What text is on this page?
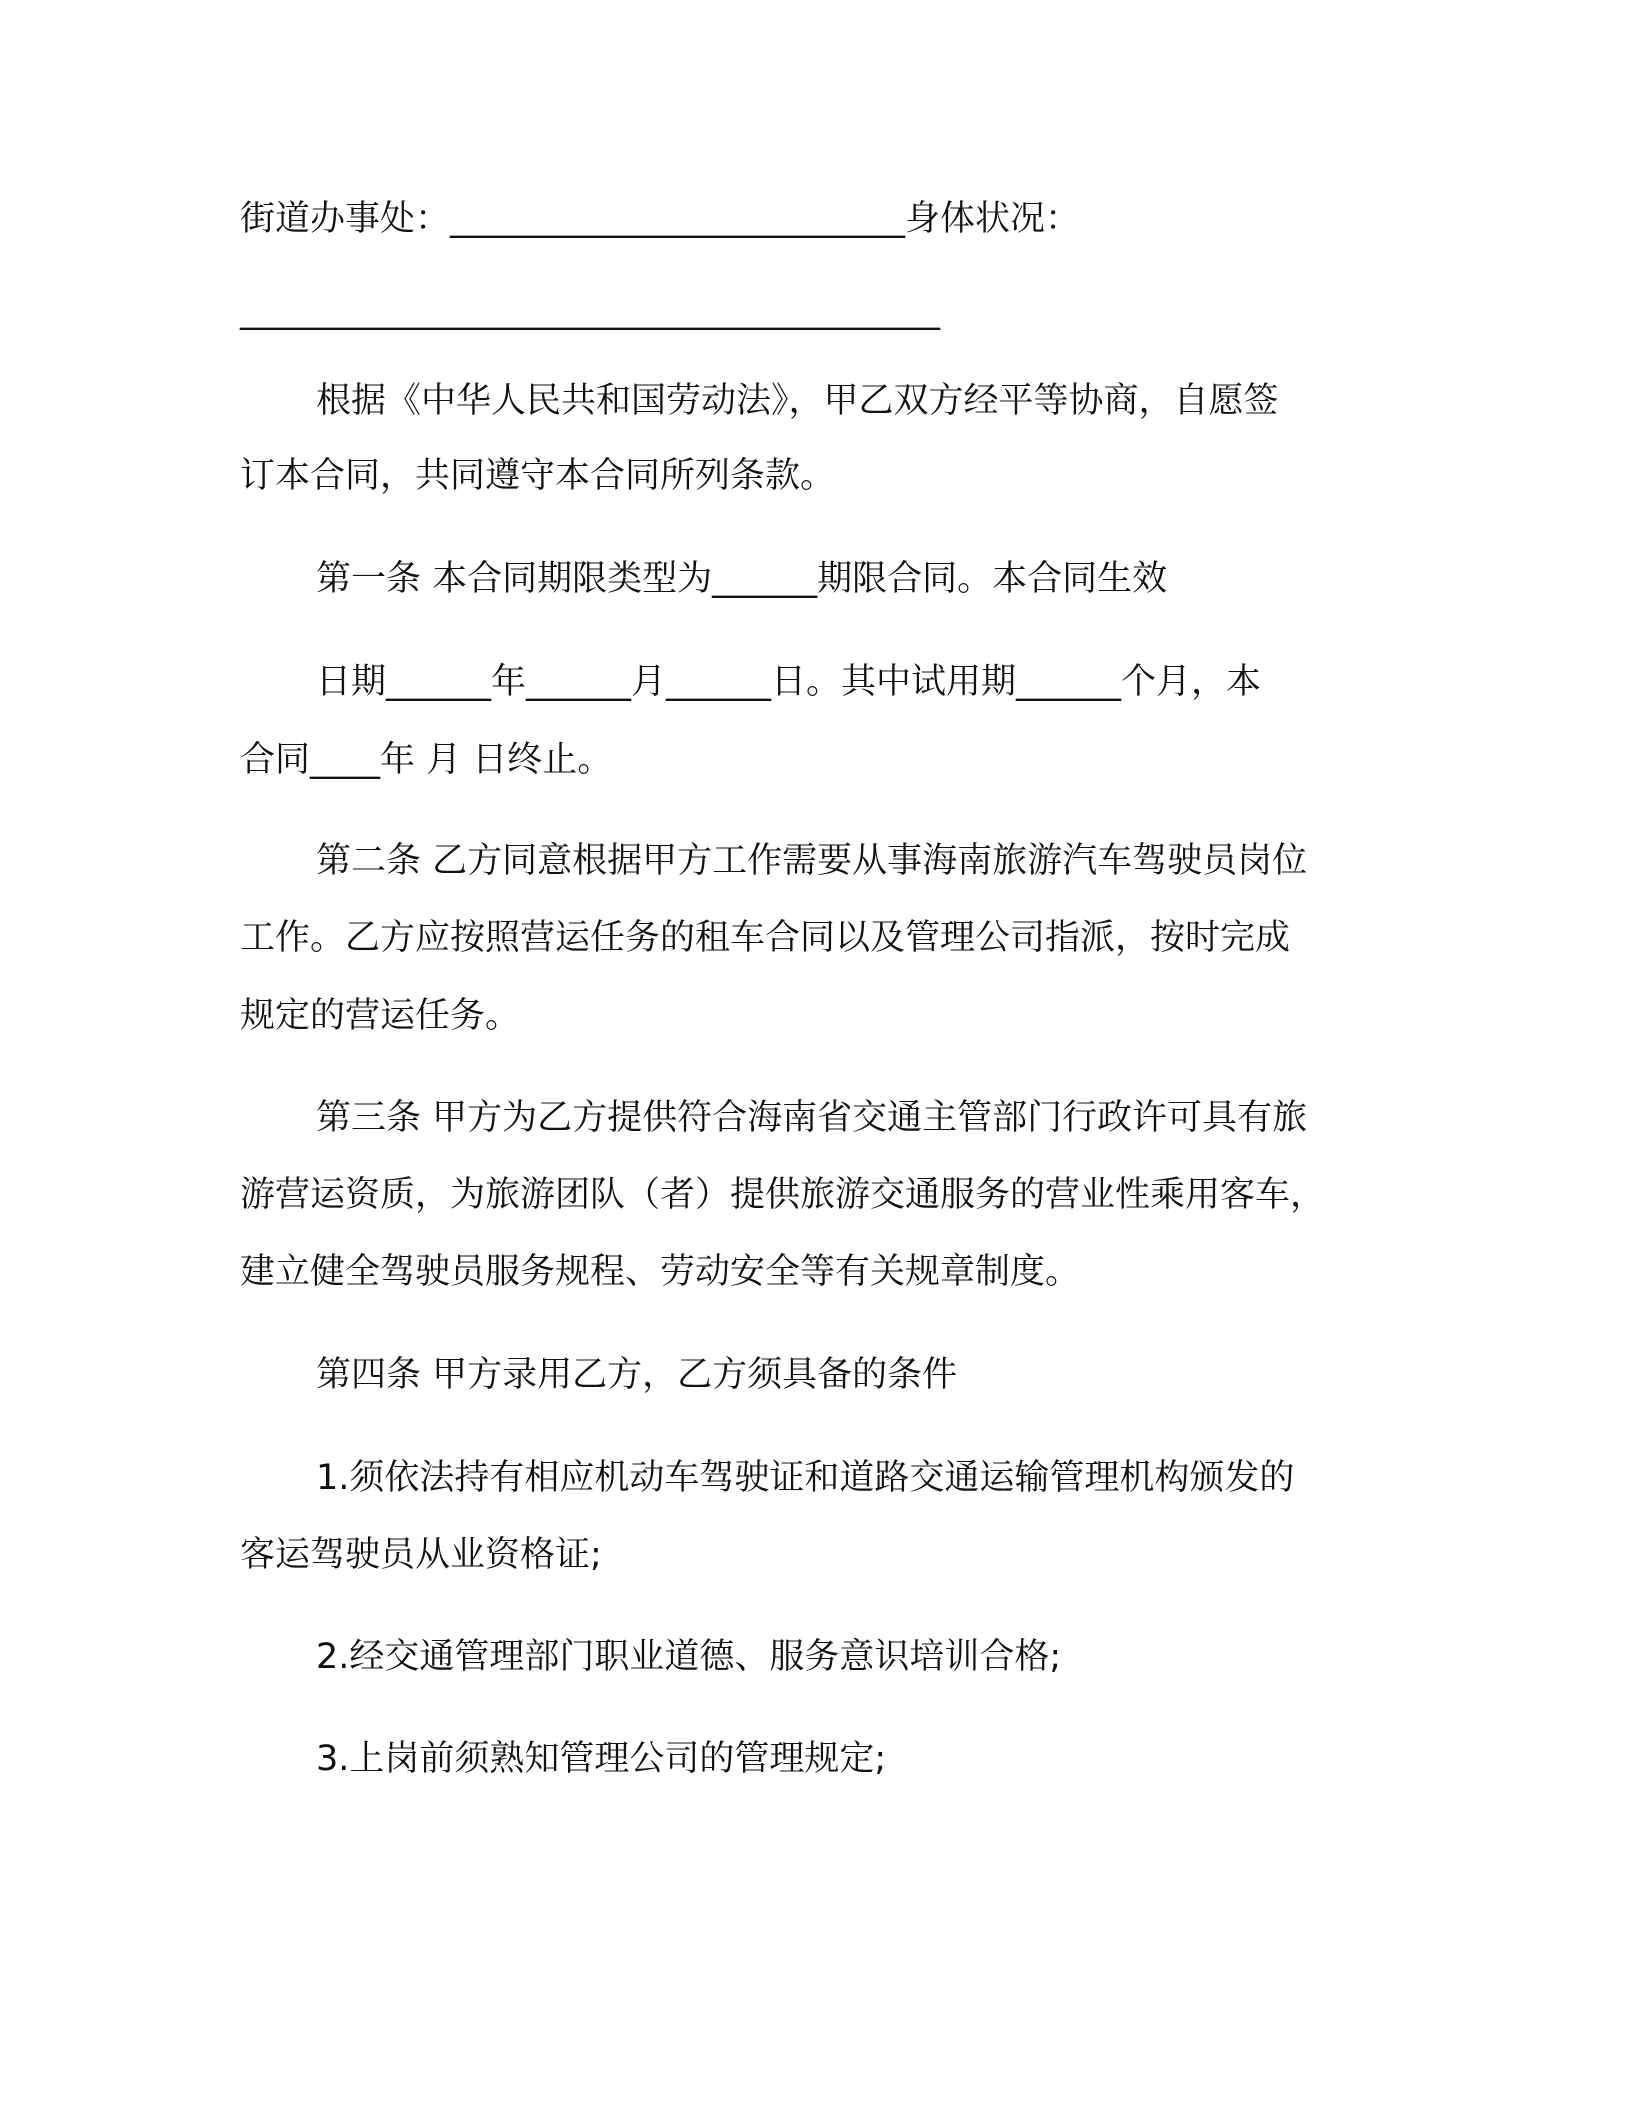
街道办事处：__________________________身体状况：
________________________________________
根据《中华人民共和国劳动法》，甲乙双方经平等协商，自愿签
订本合同，共同遵守本合同所列条款。
第一条 本合同期限类型为______期限合同。本合同生效
日期______年______月______日。其中试用期______个月，本
合同____年 月 日终止。
第二条 乙方同意根据甲方工作需要从事海南旅游汽车驾驶员岗位
工作。乙方应按照营运任务的租车合同以及管理公司指派，按时完成
规定的营运任务。
第三条 甲方为乙方提供符合海南省交通主管部门行政许可具有旅
游营运资质，为旅游团队（者）提供旅游交通服务的营业性乘用客车，
建立健全驾驶员服务规程、劳动安全等有关规章制度。
第四条 甲方录用乙方，乙方须具备的条件
1.须依法持有相应机动车驾驶证和道路交通运输管理机构颁发的
客运驾驶员从业资格证;
2.经交通管理部门职业道德、服务意识培训合格;
3.上岗前须熟知管理公司的管理规定;
